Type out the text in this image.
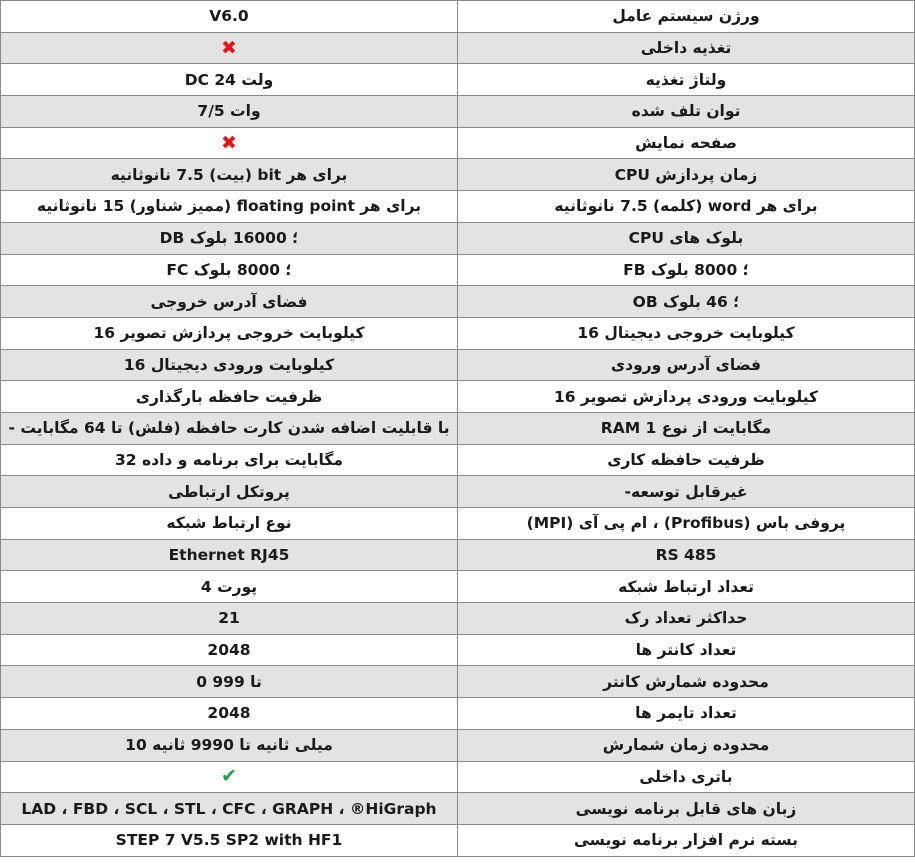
V6.0	ورژن سیستم عامل
✖	تغذیه داخلی
DC ولت 24	ولتاژ تغذیه
وات 7/5	توان تلف شده
✖	صفحه نمایش
برای هر bit (بیت) 7.5 نانوثانیه	زمان پردازش CPU
برای هر floating point (ممیز شناور) 15 نانوثانیه	برای هر word (کلمه) 7.5 نانوثانیه
؛ 16000 بلوک DB	بلوک های CPU
؛ 8000 بلوک FC	؛ 8000 بلوک FB
فضای آدرس خروجی	؛ 46 بلوک OB
کیلوبایت خروجی پردازش تصویر 16	کیلوبایت خروجی دیجیتال 16
کیلوبایت ورودی دیجیتال 16	فضای آدرس ورودی
ظرفیت حافظه بارگذاری	کیلوبایت ورودی پردازش تصویر 16
با قابلیت اضافه شدن کارت حافظه (فلش) تا 64 مگابایت -	RAM مگابایت از نوع 1
مگابایت برای برنامه و داده 32	ظرفیت حافظه کاری
پروتکل ارتباطی	غیرقابل توسعه-
نوع ارتباط شبکه	پروفی باس (Profibus) ، ام پی آی (MPI)
Ethernet RJ45	RS 485
پورت 4	تعداد ارتباط شبکه
21	حداکثر تعداد رک
2048	تعداد کانتر ها
تا 999 0	محدوده شمارش کانتر
2048	تعداد تایمر ها
میلی ثانیه تا 9990 ثانیه 10	محدوده زمان شمارش
✔	باتری داخلی
LAD ، FBD ، SCL ، STL ، CFC ، GRAPH ، ®HiGraph	زبان های قابل برنامه نویسی
STEP 7 V5.5 SP2 with HF1	بسته نرم افزار برنامه نویسی
